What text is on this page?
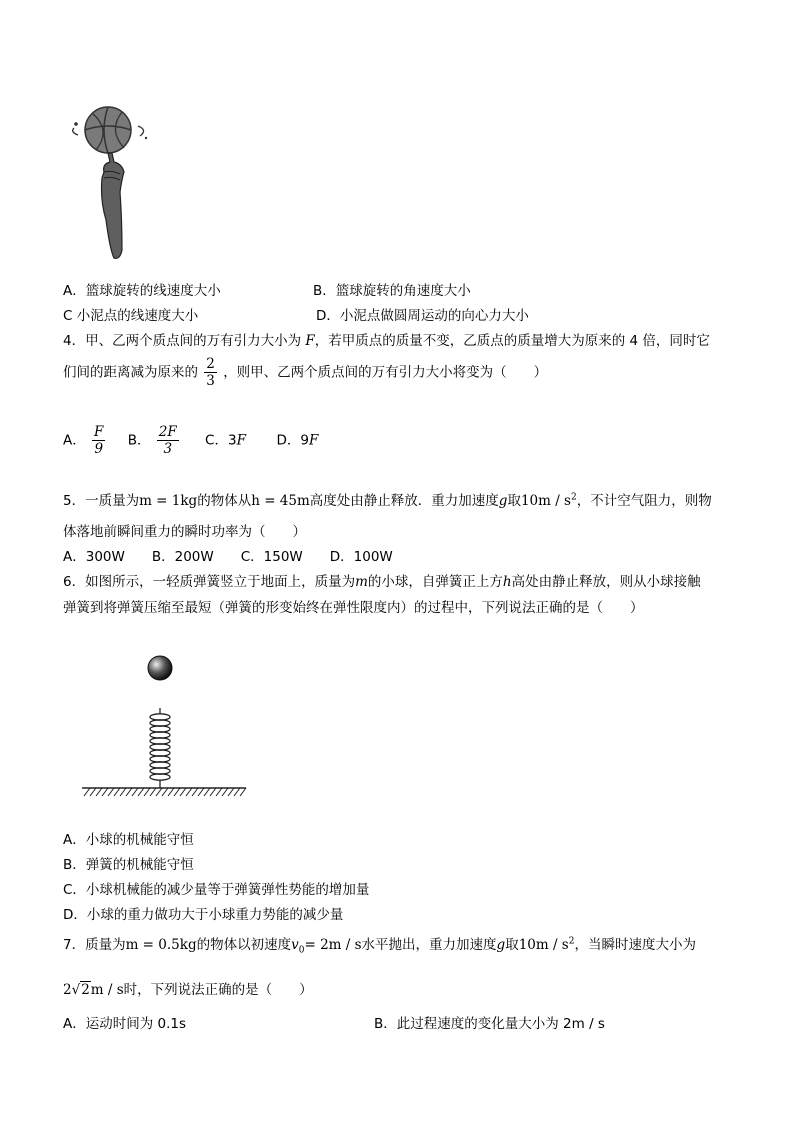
A．篮球旋转的线速度大小	B．篮球旋转的角速度大小
C 小泥点的线速度大小	D．小泥点做圆周运动的向心力大小
4．甲、乙两个质点间的万有引力大小为 F，若甲质点的质量不变，乙质点的质量增大为原来的 4 倍，同时它
们间的距离减为原来的 $\frac{2}{3}$ ，则甲、乙两个质点间的万有引力大小将变为（　　）
A． $\frac{F}{9}$ B． $\frac{2F}{3}$ C．3F D．9F
5．一质量为m = 1kg的物体从h = 45m高度处由静止释放．重力加速度g取$10m / s^2$，不计空气阻力，则物
体落地前瞬间重力的瞬时功率为（　　）
A．300W　　B．200W　　C．150W　　D．100W
6．如图所示，一轻质弹簧竖立于地面上，质量为m的小球，自弹簧正上方h高处由静止释放，则从小球接触
弹簧到将弹簧压缩至最短（弹簧的形变始终在弹性限度内）的过程中，下列说法正确的是（　　）
A．小球的机械能守恒
B．弹簧的机械能守恒
C．小球机械能的减少量等于弹簧弹性势能的增加量
D．小球的重力做功大于小球重力势能的减少量
7．质量为m = 0.5kg的物体以初速度$v_0= 2m / s$水平抛出，重力加速度g取$10m / s^2$，当瞬时速度大小为
2√2m / s时，下列说法正确的是（　　）
A．运动时间为 0.1s	B．此过程速度的变化量大小为 2m / s
